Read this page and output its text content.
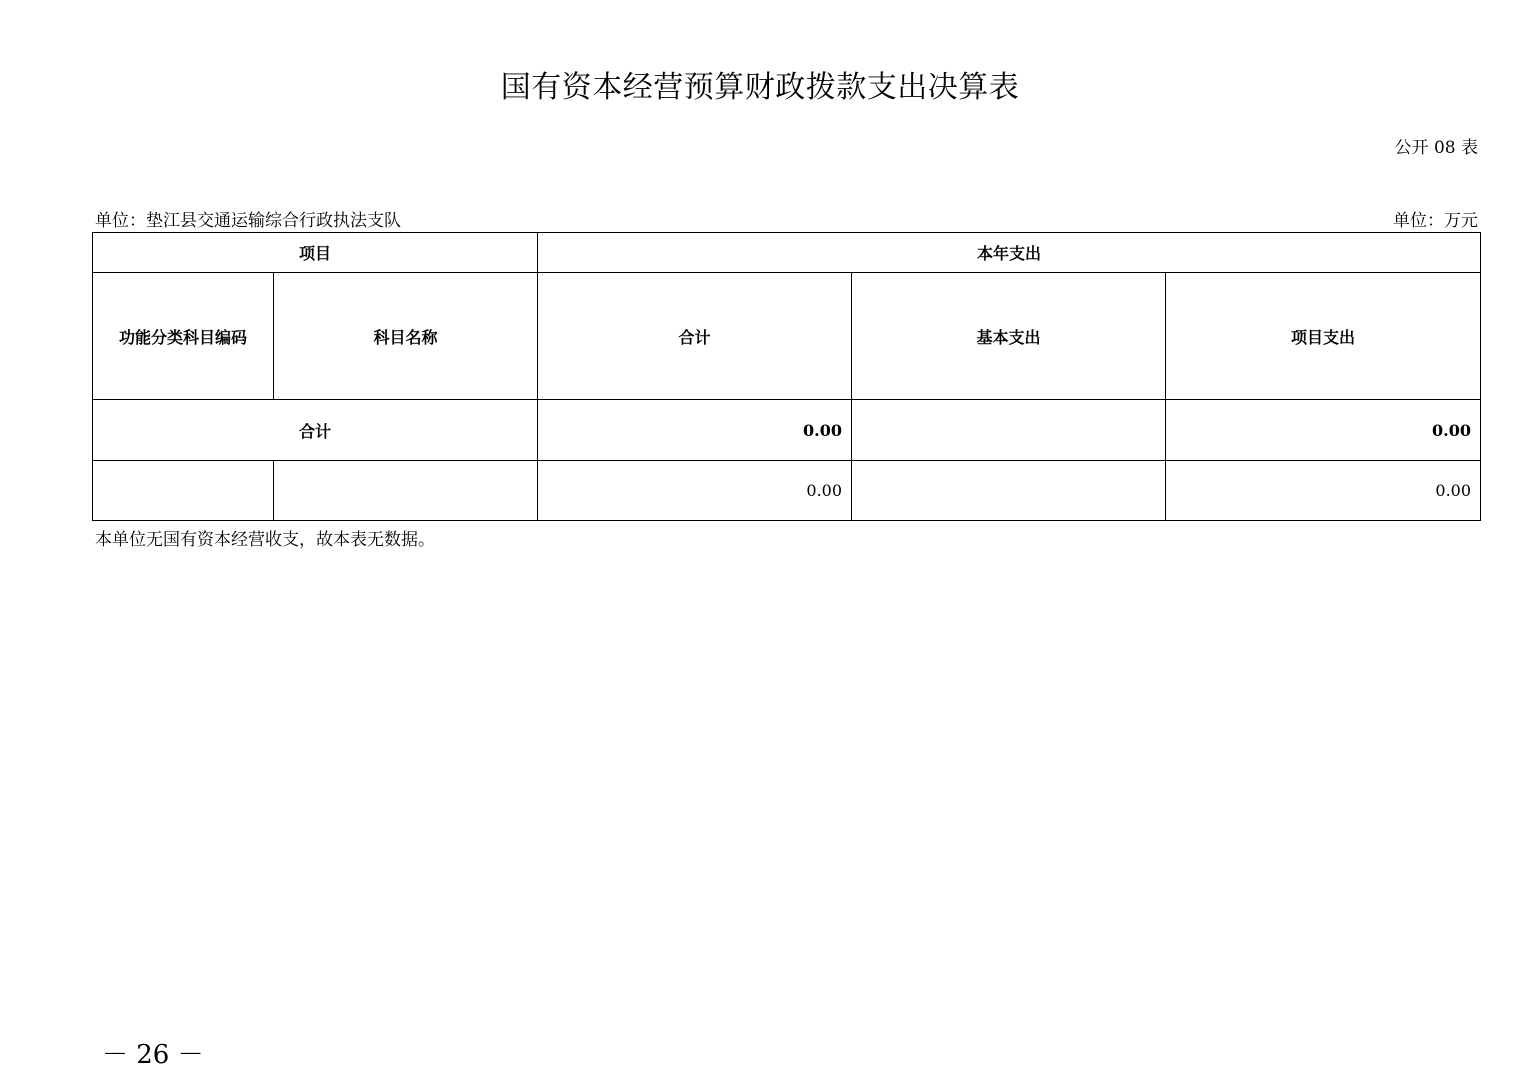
国有资本经营预算财政拨款支出决算表
公开 08 表
单位：垫江县交通运输综合行政执法支队	单位：万元
项目		本年支出		
功能分类科目编码	科目名称	合计	基本支出	项目支出
合计		0.00		0.00
		0.00		0.00
本单位无国有资本经营收支，故本表无数据。
－ 26 －
